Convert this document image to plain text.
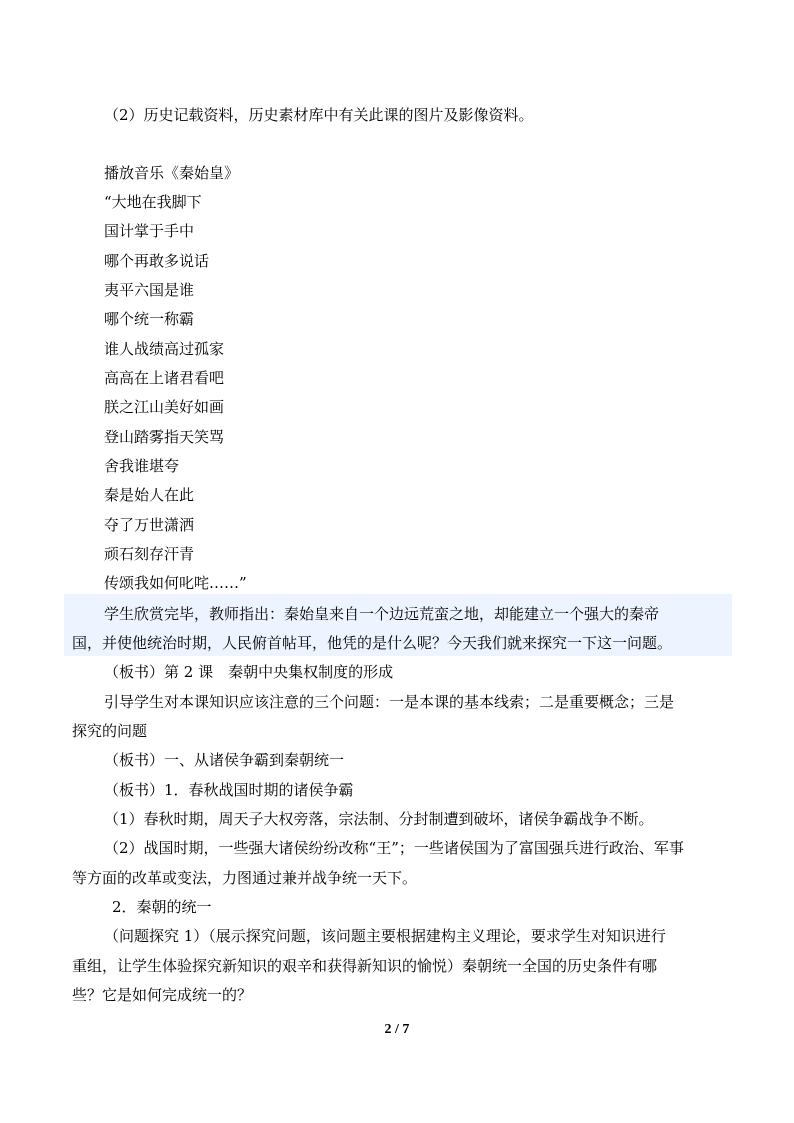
（2）历史记载资料，历史素材库中有关此课的图片及影像资料。
播放音乐《秦始皇》
“大地在我脚下
国计掌于手中
哪个再敢多说话
夷平六国是谁
哪个统一称霸
谁人战绩高过孤家
高高在上诸君看吧
朕之江山美好如画
登山踏雾指天笑骂
舍我谁堪夸
秦是始人在此
夺了万世潇洒
顽石刻存汗青
传颂我如何叱咤……”
学生欣赏完毕，教师指出：秦始皇来自一个边远荒蛮之地，却能建立一个强大的秦帝
国，并使他统治时期，人民俯首帖耳，他凭的是什么呢？今天我们就来探究一下这一问题。
（板书）第 2 课　秦朝中央集权制度的形成
引导学生对本课知识应该注意的三个问题：一是本课的基本线索；二是重要概念；三是
探究的问题
（板书）一、从诸侯争霸到秦朝统一
（板书）1．春秋战国时期的诸侯争霸
（1）春秋时期，周天子大权旁落，宗法制、分封制遭到破坏，诸侯争霸战争不断。
（2）战国时期，一些强大诸侯纷纷改称“王”；一些诸侯国为了富国强兵进行政治、军事
等方面的改革或变法，力图通过兼并战争统一天下。
2．秦朝的统一
（问题探究 1）（展示探究问题，该问题主要根据建构主义理论，要求学生对知识进行
重组，让学生体验探究新知识的艰辛和获得新知识的愉悦）秦朝统一全国的历史条件有哪
些？它是如何完成统一的？
2 / 7
